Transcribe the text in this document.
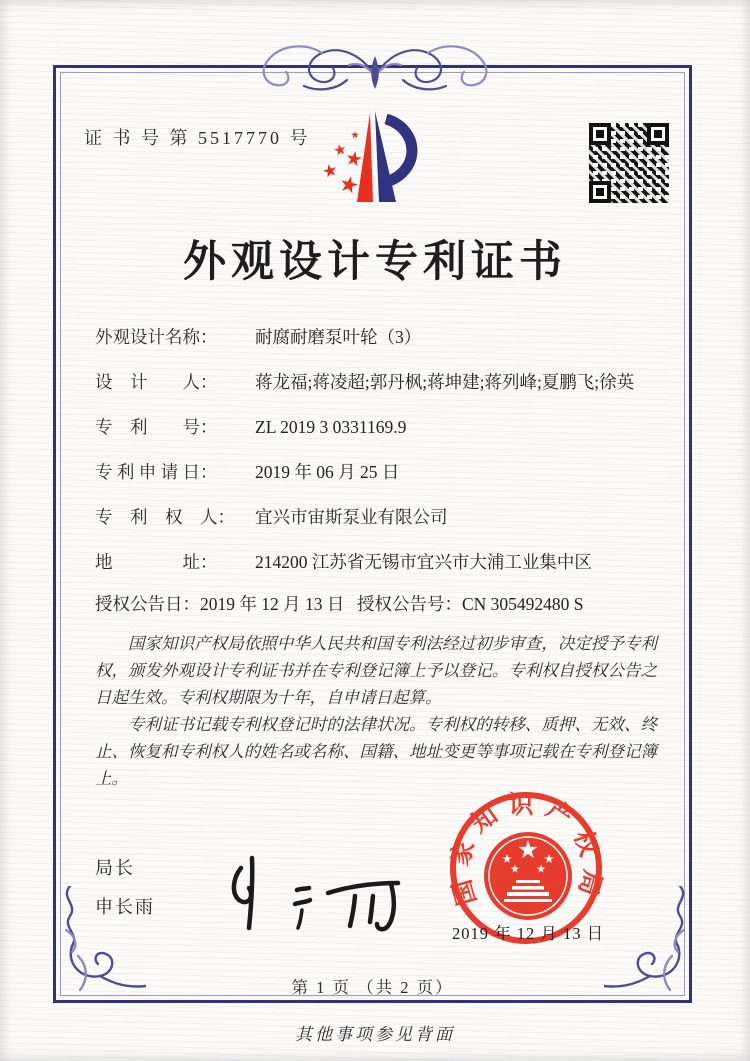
证 书 号 第 5517770 号
外观设计专利证书
外观设计名称： 耐腐耐磨泵叶轮（3）
设　计　　人： 蒋龙福;蒋凌超;郭丹枫;蒋坤建;蒋列峰;夏鹏飞;徐英
专　利　　号： ZL 2019 3 0331169.9
专 利 申 请 日： 2019 年 06 月 25 日
专　利　权　人： 宜兴市宙斯泵业有限公司
地　　　　址： 214200 江苏省无锡市宜兴市大浦工业集中区
授权公告日：2019 年 12 月 13 日 授权公告号：CN 305492480 S

国家知识产权局依照中华人民共和国专利法经过初步审查，决定授予专利权，颁发外观设计专利证书并在专利登记簿上予以登记。专利权自授权公告之日起生效。专利权期限为十年，自申请日起算。

专利证书记载专利权登记时的法律状况。专利权的转移、质押、无效、终止、恢复和专利权人的姓名或名称、国籍、地址变更等事项记载在专利登记簿上。

局长
申长雨	国家知识产权局
2019 年 12 月 13 日
第 1 页 （共 2 页）
其他事项参见背面
